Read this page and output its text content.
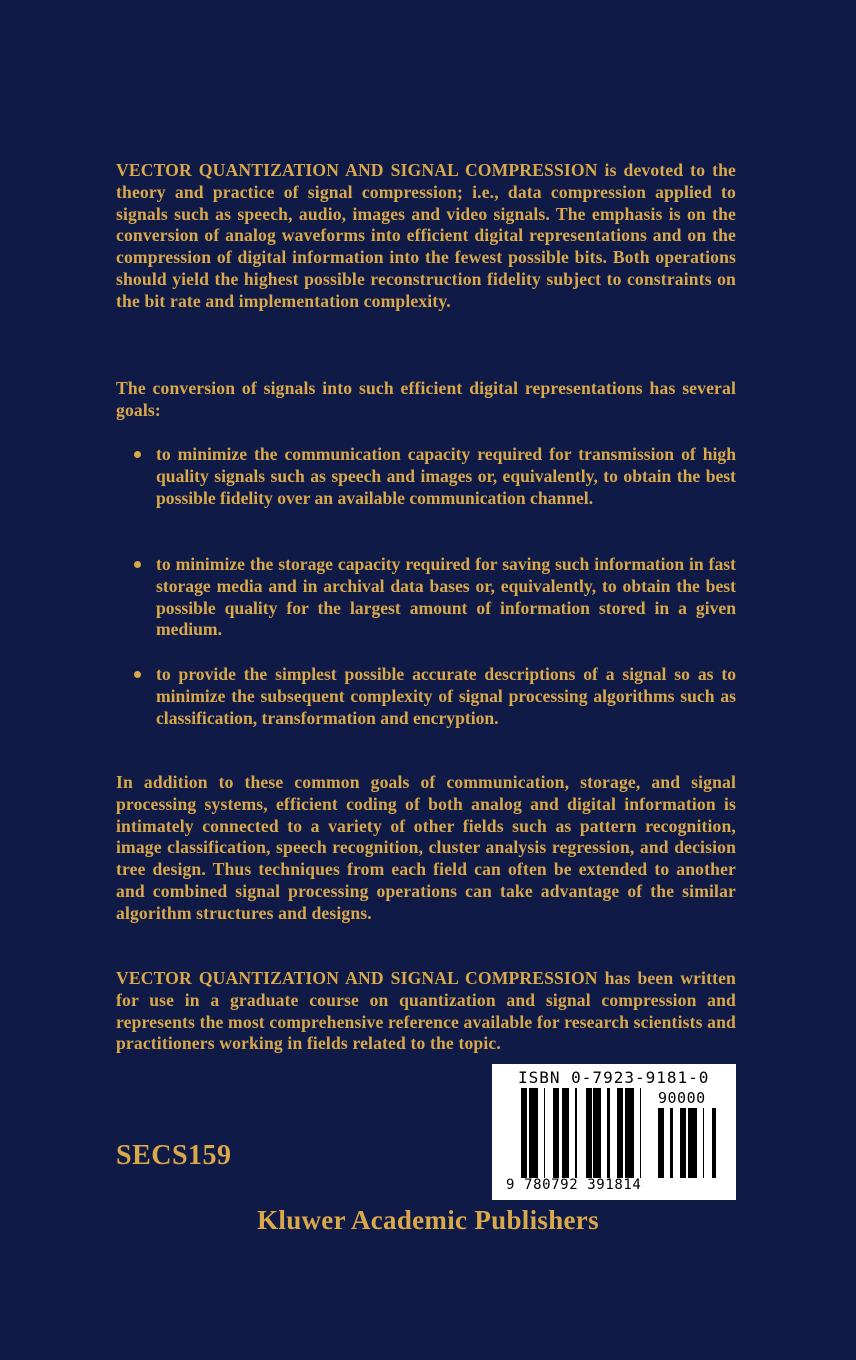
VECTOR QUANTIZATION AND SIGNAL COMPRESSION is devoted to the theory and practice of signal compression; i.e., data compression applied to signals such as speech, audio, images and video signals. The emphasis is on the conversion of analog waveforms into efficient digital representations and on the compression of digital information into the fewest possible bits. Both operations should yield the highest possible reconstruction fidelity subject to constraints on the bit rate and implementation complexity.
The conversion of signals into such efficient digital representations has several goals:
to minimize the communication capacity required for transmission of high quality signals such as speech and images or, equivalently, to obtain the best possible fidelity over an available communication channel.
to minimize the storage capacity required for saving such information in fast storage media and in archival data bases or, equivalently, to obtain the best possible quality for the largest amount of information stored in a given medium.
to provide the simplest possible accurate descriptions of a signal so as to minimize the subsequent complexity of signal processing algorithms such as classification, transformation and encryption.
In addition to these common goals of communication, storage, and signal processing systems, efficient coding of both analog and digital information is intimately connected to a variety of other fields such as pattern recognition, image classification, speech recognition, cluster analysis regression, and decision tree design. Thus techniques from each field can often be extended to another and combined signal processing operations can take advantage of the similar algorithm structures and designs.
VECTOR QUANTIZATION AND SIGNAL COMPRESSION has been written for use in a graduate course on quantization and signal compression and represents the most comprehensive reference available for research scientists and practitioners working in fields related to the topic.
ISBN 0-7923-9181-0
90000
9 780792 391814
SECS159
Kluwer Academic Publishers
